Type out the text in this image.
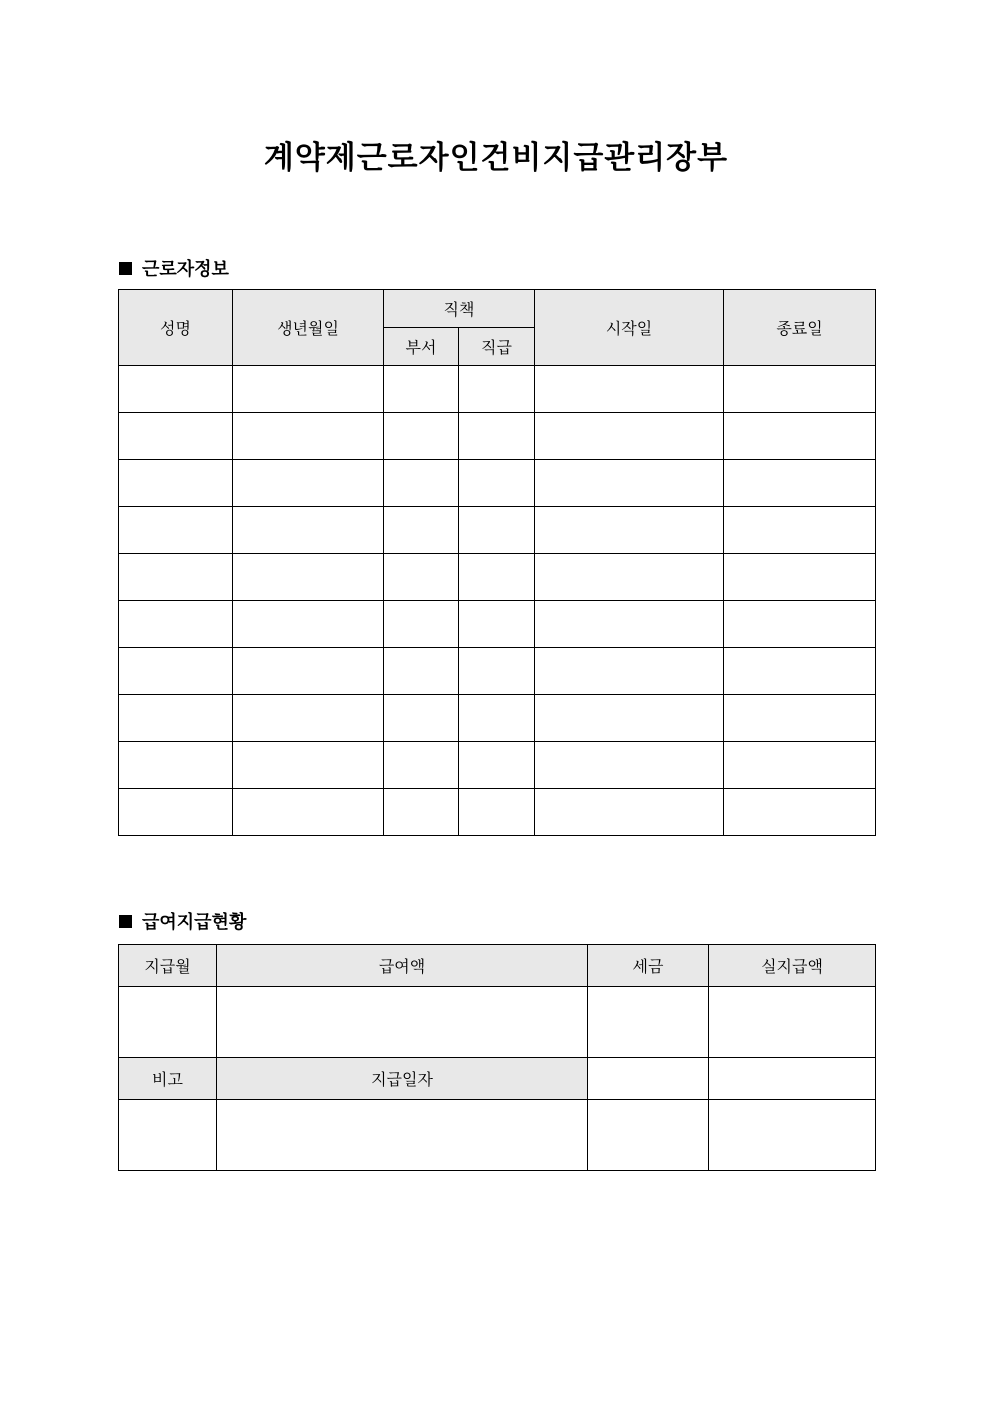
계약제근로자인건비지급관리장부
근로자정보
성명	생년월일	직책		시작일	종료일
		부서	직급		

급여지급현황
지급월	급여액	세금	실지급액

비고	지급일자		
